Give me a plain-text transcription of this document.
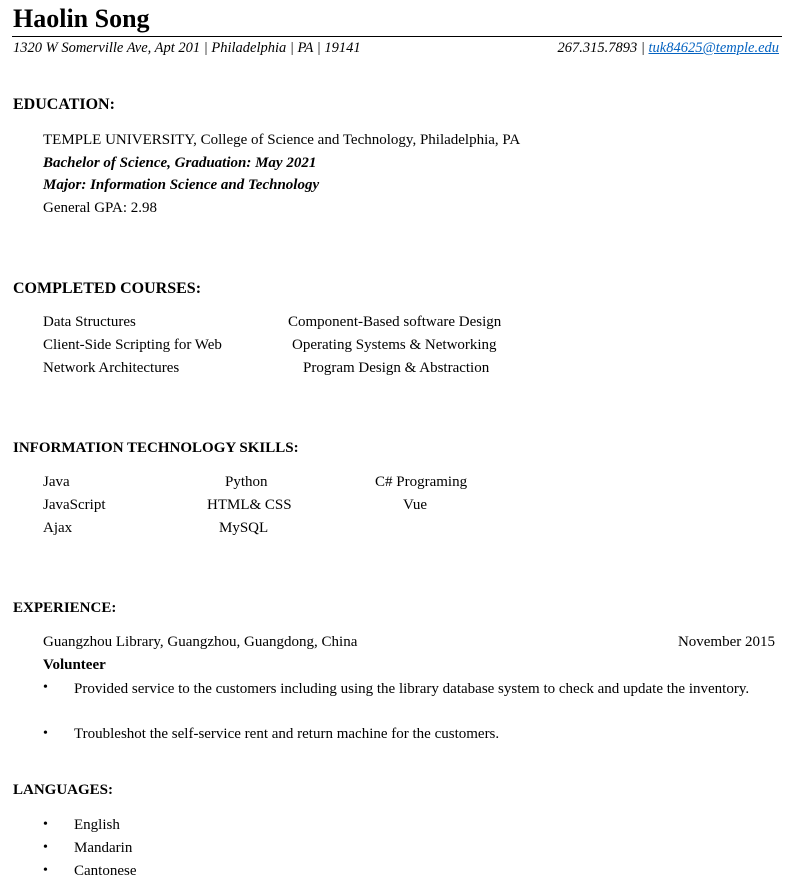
Haolin Song
1320 W Somerville Ave, Apt 201 | Philadelphia | PA | 19141	267.315.7893 | tuk84625@temple.edu
EDUCATION:
TEMPLE UNIVERSITY, College of Science and Technology, Philadelphia, PA
Bachelor of Science, Graduation: May 2021
Major: Information Science and Technology
General GPA: 2.98
COMPLETED COURSES:
Data Structures
Client-Side Scripting for Web
Network Architectures
Component-Based software Design
Operating Systems & Networking
Program Design & Abstraction
INFORMATION TECHNOLOGY SKILLS:
Java
JavaScript
Ajax
Python
HTML& CSS
MySQL
C# Programing
Vue
EXPERIENCE:
Guangzhou Library, Guangzhou, Guangdong, China	November 2015
Volunteer
• Provided service to the customers including using the library database system to check and update the inventory.
• Troubleshot the self-service rent and return machine for the customers.
LANGUAGES:
• English
• Mandarin
• Cantonese
